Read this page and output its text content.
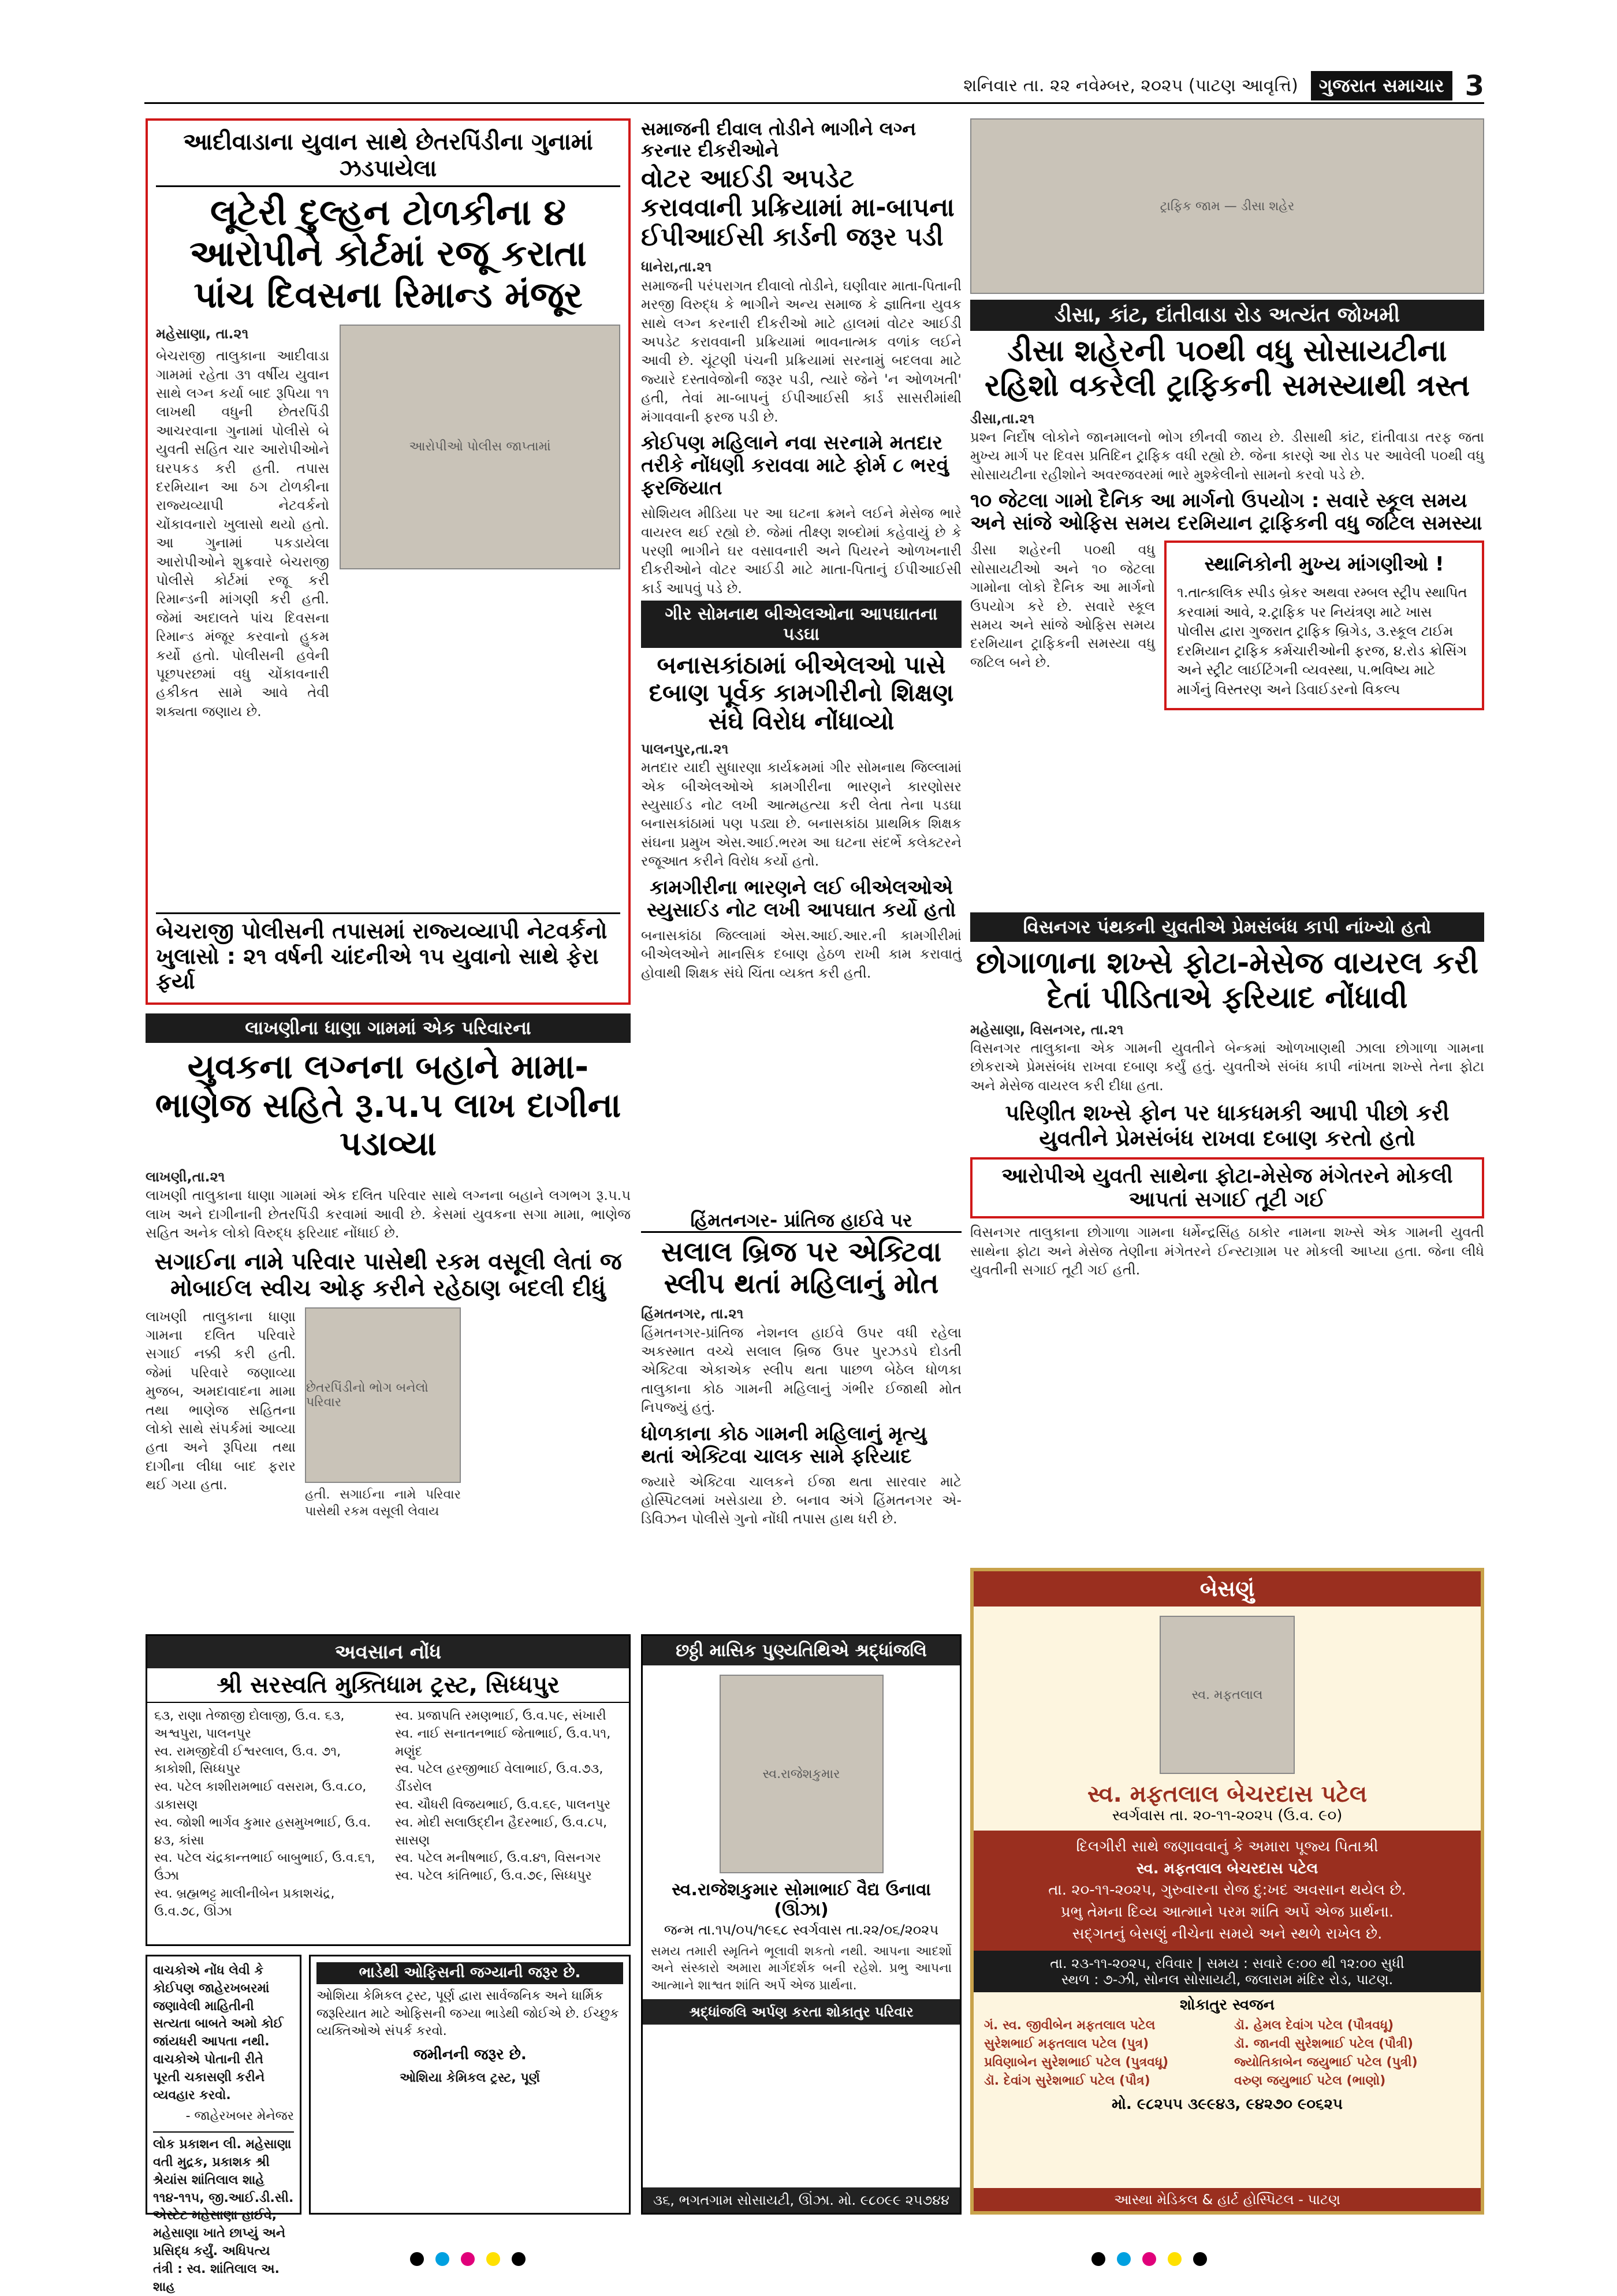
શનિવાર તા. ૨૨ નવેમ્બર, ૨૦૨૫ (પાટણ આવૃત્તિ)	ગુજરાત સમાચાર 3
આદીવાડાના યુવાન સાથે છેતરપિંડીના ગુનામાં ઝડપાયેલા
લૂટેરી દુલ્હન ટોળકીના ૪ આરોપીને કોર્ટમાં રજૂ કરાતા પાંચ દિવસના રિમાન્ડ મંજૂર
મહેસાણા, તા.૨૧
બેચરાજી તાલુકાના આદીવાડા ગામમાં રહેતા ૩૧ વર્ષીય યુવાન સાથે લગ્ન કર્યા બાદ રૂપિયા ૧૧ લાખથી વધુની છેતરપિંડી આચરવાના ગુનામાં પોલીસે બે યુવતી સહિત ચાર આરોપીઓને ઘરપકડ કરી હતી. તપાસ દરમિયાન આ ઠગ ટોળકીના રાજ્યવ્યાપી નેટવર્કનો ચોંકાવનારો ખુલાસો થયો હતો. આ ગુનામાં પકડાયેલા આરોપીઓને શુક્રવારે બેચરાજી પોલીસે કોર્ટમાં રજૂ કરી રિમાન્ડની માંગણી કરી હતી. જેમાં અદાલતે પાંચ દિવસના રિમાન્ડ મંજૂર કરવાનો હુકમ કર્યો હતો. પોલીસની હવેની પૂછપરછમાં વધુ ચોંકાવનારી હકીકત સામે આવે તેવી શક્યતા જણાય છે.
આરોપીઓ પોલીસ જાપ્તામાં
બેચરાજી પોલીસની તપાસમાં રાજ્યવ્યાપી નેટવર્કનો ખુલાસો : ૨૧ વર્ષની ચાંદનીએ ૧૫ યુવાનો સાથે ફેરા ફર્યા
સમાજની દીવાલ તોડીને ભાગીને લગ્ન કરનાર દીકરીઓને
વોટર આઈડી અપડેટ કરાવવાની પ્રક્રિયામાં મા-બાપના ઈપીઆઈસી કાર્ડની જરૂર પડી
ધાનેરા,તા.૨૧
સમાજની પરંપરાગત દીવાલો તોડીને, ઘણીવાર માતા-પિતાની મરજી વિરુદ્ધ કે ભાગીને અન્ય સમાજ કે જ્ઞાતિના યુવક સાથે લગ્ન કરનારી દીકરીઓ માટે હાલમાં વોટર આઈડી અપડેટ કરાવવાની પ્રક્રિયામાં ભાવનાત્મક વળાંક લઈને આવી છે. ચૂંટણી પંચની પ્રક્રિયામાં સરનામું બદલવા માટે જ્યારે દસ્તાવેજોની જરૂર પડી, ત્યારે જેને 'ન ઓળખતી' હતી, તેવાં મા-બાપનું ઈપીઆઈસી કાર્ડ સાસરીમાંથી મંગાવવાની ફરજ પડી છે.
કોઈપણ મહિલાને નવા સરનામે મતદાર તરીકે નોંધણી કરાવવા માટે ફોર્મ ૮ ભરવું ફરજિયાત
સોશિયલ મીડિયા પર આ ઘટના ક્રમને લઈને મેસેજ ભારે વાયરલ થઈ રહ્યો છે. જેમાં તીક્ષ્ણ શબ્દોમાં કહેવાયું છે કે પરણી ભાગીને ઘર વસાવનારી અને પિયરને ઓળખનારી દીકરીઓને વોટર આઈડી માટે માતા-પિતાનું ઈપીઆઈસી કાર્ડ આપવું પડે છે.
ટ્રાફિક જામ — ડીસા શહેર
ડીસા, કાંટ, દાંતીવાડા રોડ અત્યંત જોખમી
ડીસા શહેરની ૫૦થી વધુ સોસાયટીના રહિશો વકરેલી ટ્રાફિકની સમસ્યાથી ત્રસ્ત
ડીસા,તા.૨૧
પ્રશ્ન નિર્દોષ લોકોને જાનમાલનો ભોગ છીનવી જાય છે. ડીસાથી કાંટ, દાંતીવાડા તરફ જતા મુખ્ય માર્ગ પર દિવસ પ્રતિદિન ટ્રાફિક વધી રહ્યો છે. જેના કારણે આ રોડ પર આવેલી ૫૦થી વધુ સોસાયટીના રહીશોને અવરજવરમાં ભારે મુશ્કેલીનો સામનો કરવો પડે છે.
૧૦ જેટલા ગામો દૈનિક આ માર્ગનો ઉપયોગ : સવારે સ્કૂલ સમય અને સાંજે ઓફિસ સમય દરમિયાન ટ્રાફિકની વધુ જટિલ સમસ્યા
ડીસા શહેરની ૫૦થી વધુ સોસાયટીઓ અને ૧૦ જેટલા ગામોના લોકો દૈનિક આ માર્ગનો ઉપયોગ કરે છે. સવારે સ્કૂલ સમય અને સાંજે ઓફિસ સમય દરમિયાન ટ્રાફિકની સમસ્યા વધુ જટિલ બને છે.
સ્થાનિકોની મુખ્ય માંગણીઓ !
૧.તાત્કાલિક સ્પીડ બ્રેકર અથવા રમ્બલ સ્ટ્રીપ સ્થાપિત કરવામાં આવે, ૨.ટ્રાફિક પર નિયંત્રણ માટે ખાસ પોલીસ દ્વારા ગુજરાત ટ્રાફિક બ્રિગેડ, ૩.સ્કૂલ ટાઈમ દરમિયાન ટ્રાફિક કર્મચારીઓની ફરજ, ૪.રોડ ક્રોસિંગ અને સ્ટ્રીટ લાઈટિંગની વ્યવસ્થા, ૫.ભવિષ્ય માટે માર્ગનું વિસ્તરણ અને ડિવાઈડરનો વિકલ્પ
ગીર સોમનાથ બીએલઓના આપઘાતના પડઘા
બનાસકાંઠામાં બીએલઓ પાસે દબાણ પૂર્વક કામગીરીનો શિક્ષણ સંઘે વિરોધ નોંધાવ્યો
પાલનપુર,તા.૨૧
મતદાર યાદી સુધારણા કાર્યક્રમમાં ગીર સોમનાથ જિલ્લામાં એક બીએલઓએ કામગીરીના ભારણને કારણોસર સ્યુસાઈડ નોટ લખી આત્મહત્યા કરી લેતા તેના પડઘા બનાસકાંઠામાં પણ પડ્યા છે. બનાસકાંઠા પ્રાથમિક શિક્ષક સંઘના પ્રમુખ એસ.આઈ.ભરમ આ ઘટના સંદર્ભે કલેક્ટરને રજૂઆત કરીને વિરોધ કર્યો હતો.
કામગીરીના ભારણને લઈ બીએલઓએ સ્યુસાઈડ નોટ લખી આપઘાત કર્યો હતો
બનાસકાંઠા જિલ્લામાં એસ.આઈ.આર.ની કામગીરીમાં બીએલઓને માનસિક દબાણ હેઠળ રાખી કામ કરાવાતું હોવાથી શિક્ષક સંઘે ચિંતા વ્યક્ત કરી હતી.
લાખણીના ધાણા ગામમાં એક પરિવારના
યુવકના લગ્નના બહાને મામા-ભાણેજ સહિતે રૂ.૫.૫ લાખ દાગીના પડાવ્યા
લાખણી,તા.૨૧
લાખણી તાલુકાના ધાણા ગામમાં એક દલિત પરિવાર સાથે લગ્નના બહાને લગભગ રૂ.૫.૫ લાખ અને દાગીનાની છેતરપિંડી કરવામાં આવી છે. કેસમાં યુવકના સગા મામા, ભાણેજ સહિત અનેક લોકો વિરુદ્ધ ફરિયાદ નોંધાઈ છે.
સગાઈના નામે પરિવાર પાસેથી રકમ વસૂલી લેતાં જ મોબાઈલ સ્વીચ ઓફ કરીને રહેઠાણ બદલી દીધું
લાખણી તાલુકાના ધાણા ગામના દલિત પરિવારે સગાઈ નક્કી કરી હતી. જેમાં પરિવારે જણાવ્યા મુજબ, અમદાવાદના મામા તથા ભાણેજ સહિતના લોકો સાથે સંપર્કમાં આવ્યા હતા અને રૂપિયા તથા દાગીના લીધા બાદ ફરાર થઈ ગયા હતા.
છેતરપિંડીનો ભોગ બનેલો પરિવાર
હતી. સગાઈના નામે પરિવાર પાસેથી રકમ વસૂલી લેવાય
વિસનગર પંથકની યુવતીએ પ્રેમસંબંધ કાપી નાંખ્યો હતો
છોગાળાના શખ્સે ફોટા-મેસેજ વાયરલ કરી દેતાં પીડિતાએ ફરિયાદ નોંધાવી
મહેસાણા, વિસનગર, તા.૨૧
વિસનગર તાલુકાના એક ગામની યુવતીને બેન્કમાં ઓળખાણથી ઝાલા છોગાળા ગામના છોકરાએ પ્રેમસંબંધ રાખવા દબાણ કર્યું હતું. યુવતીએ સંબંધ કાપી નાંખતા શખ્સે તેના ફોટા અને મેસેજ વાયરલ કરી દીધા હતા.
પરિણીત શખ્સે ફોન પર ધાકધમકી આપી પીછો કરી યુવતીને પ્રેમસંબંધ રાખવા દબાણ કરતો હતો
આરોપીએ યુવતી સાથેના ફોટા-મેસેજ મંગેતરને મોકલી આપતાં સગાઈ તૂટી ગઈ
વિસનગર તાલુકાના છોગાળા ગામના ધર્મેન્દ્રસિંહ ઠાકોર નામના શખ્સે એક ગામની યુવતી સાથેના ફોટા અને મેસેજ તેણીના મંગેતરને ઈન્સ્ટાગ્રામ પર મોકલી આપ્યા હતા. જેના લીધે યુવતીની સગાઈ તૂટી ગઈ હતી.
હિંમતનગર- પ્રાંતિજ હાઈવે પર
સલાલ બ્રિજ પર એક્ટિવા સ્લીપ થતાં મહિલાનું મોત
હિંમતનગર, તા.૨૧
હિંમતનગર-પ્રાંતિજ નેશનલ હાઈવે ઉપર વધી રહેલા અકસ્માત વચ્ચે સલાલ બ્રિજ ઉપર પુરઝડપે દોડતી એક્ટિવા એકાએક સ્લીપ થતા પાછળ બેઠેલ ધોળકા તાલુકાના કોઠ ગામની મહિલાનું ગંભીર ઈજાથી મોત નિપજ્યું હતું.
ધોળકાના કોઠ ગામની મહિલાનું મૃત્યુ થતાં એક્ટિવા ચાલક સામે ફરિયાદ
જ્યારે એક્ટિવા ચાલકને ઈજા થતા સારવાર માટે હોસ્પિટલમાં ખસેડાયા છે. બનાવ અંગે હિંમતનગર એ-ડિવિઝન પોલીસે ગુનો નોંધી તપાસ હાથ ધરી છે.
અવસાન નોંધ
શ્રી સરસ્વતિ મુક્તિધામ ટ્રસ્ટ, સિધ્ધપુર
૬૩, રાણા તેજાજી દોલાજી, ઉ.વ. ૬૩, અશ્વપુરા, પાલનપુર
સ્વ. રામજીદેવી ઈશ્વરલાલ, ઉ.વ. ૭૧, કાકોશી, સિધ્ધપુર
સ્વ. પટેલ કાશીરામભાઈ વસરામ, ઉ.વ.૮૦, ડાકાસણ
સ્વ. જોશી ભાર્ગવ કુમાર હસમુખભાઈ, ઉ.વ. ૪૩, કાંસા
સ્વ. પટેલ ચંદ્રકાન્તભાઈ બાબુભાઈ, ઉ.વ.૬૧, ઉંઝા
સ્વ. બ્રહ્મભટ્ટ માલીનીબેન પ્રકાશચંદ્ર, ઉ.વ.૭૮, ઊંઝા
સ્વ. પ્રજાપતિ રમણભાઈ, ઉ.વ.૫૯, સંખારી
સ્વ. નાઈ સનાતનભાઈ જેતાભાઈ, ઉ.વ.૫૧, મણુંદ
સ્વ. પટેલ હરજીભાઈ વેલાભાઈ, ઉ.વ.૭૩, ડીંડરોલ
સ્વ. ચૌધરી વિજયભાઈ, ઉ.વ.૬૯, પાલનપુર
સ્વ. મોદી સલાઉદ્દીન હૈદરભાઈ, ઉ.વ.૮૫, સાસણ
સ્વ. પટેલ મનીષભાઈ, ઉ.વ.૪૧, વિસનગર
સ્વ. પટેલ કાંતિભાઈ, ઉ.વ.૭૯, સિધ્ધપુર
વાચકોએ નોંધ લેવી કે કોઈપણ જાહેરખબરમાં જણાવેલી માહિતીની સત્યતા બાબતે અમો કોઈ જાંયધરી આપતા નથી. વાચકોએ પોતાની રીતે પૂરતી ચકાસણી કરીને વ્યવહાર કરવો.
- જાહેરખબર મેનેજર
લોક પ્રકાશન લી. મહેસાણા વતી મુદ્રક, પ્રકાશક શ્રી શ્રેયાંસ શાંતિલાલ શાહે ૧૧૪-૧૧૫, જી.આઈ.ડી.સી. એસ્ટેટ મહેસાણા હાઈવે, મહેસાણા ખાતે છાપ્યું અને પ્રસિદ્ધ કર્યું. અધિપત્ય તંત્રી : સ્વ. શાંતિલાલ અ. શાહ
ભાડેથી ઓફિસની જગ્યાની જરૂર છે.
ઓશિયા કેમિકલ ટ્રસ્ટ, પૂર્ણ દ્વારા સાર્વજનિક અને ધાર્મિક જરૂરિયાત માટે ઓફિસની જગ્યા ભાડેથી જોઈએ છે. ઈચ્છુક વ્યક્તિઓએ સંપર્ક કરવો.
જમીનની જરૂર છે.
ઓશિયા કેમિકલ ટ્રસ્ટ, પૂર્ણ
છઠ્ઠી માસિક પુણ્યતિથિએ શ્રદ્ધાંજલિ
સ્વ.રાજેશકુમાર
સ્વ.રાજેશકુમાર સોમાભાઈ વૈદ્ય ઉનાવા (ઊંઝા)
જન્મ તા.૧૫/૦૫/૧૯૬૮ સ્વર્ગવાસ તા.૨૨/૦૬/૨૦૨૫
સમય તમારી સ્મૃતિને ભૂલાવી શકતો નથી. આપના આદર્શો અને સંસ્કારો અમારા માર્ગદર્શક બની રહેશે. પ્રભુ આપના આત્માને શાશ્વત શાંતિ અર્પે એજ પ્રાર્થના.
શ્રદ્ધાંજલિ અર્પણ કરતા શોકાતુર પરિવાર
૩૬, ભગતગામ સોસાયટી, ઊંઝા. મો. ૯૮૦૯૯ ૨૫૭૪૪
બેસણું
સ્વ. મફતલાલ
સ્વ. મફતલાલ બેચરદાસ પટેલ
સ્વર્ગવાસ તા. ૨૦-૧૧-૨૦૨૫ (ઉ.વ. ૯૦)
દિલગીરી સાથે જણાવવાનું કે અમારા પૂજ્ય પિતાશ્રી
સ્વ. મફતલાલ બેચરદાસ પટેલ
તા. ૨૦-૧૧-૨૦૨૫, ગુરુવારના રોજ દુ:ખદ અવસાન થયેલ છે.
પ્રભુ તેમના દિવ્ય આત્માને પરમ શાંતિ અર્પે એજ પ્રાર્થના.
સદ્ગતનું બેસણું નીચેના સમયે અને સ્થળે રાખેલ છે.
તા. ૨૩-૧૧-૨૦૨૫, રવિવાર | સમય : સવારે ૯:૦૦ થી ૧૨:૦૦ સુધી
સ્થળ : ૭-ઝી, સોનલ સોસાયટી, જલારામ મંદિર રોડ, પાટણ.
શોકાતુર સ્વજન
ગં. સ્વ. જીવીબેન મફતલાલ પટેલ
સુરેશભાઈ મફતલાલ પટેલ (પુત્ર)
પ્રવિણાબેન સુરેશભાઈ પટેલ (પુત્રવધૂ)
ડૉ. દેવાંગ સુરેશભાઈ પટેલ (પૌત્ર)
ડૉ. હેમલ દેવાંગ પટેલ (પૌત્રવધૂ)
ડૉ. જાનવી સુરેશભાઈ પટેલ (પૌત્રી)
જ્યોતિકાબેન જયુભાઈ પટેલ (પુત્રી)
વરુણ જયુભાઈ પટેલ (ભાણો)
મો. ૯૮૨૫૫ ૩૯૯૪૩, ૯૪૨૭૦ ૯૦૬૨૫
આસ્થા મેડિકલ & હાર્ટ હોસ્પિટલ - પાટણ
